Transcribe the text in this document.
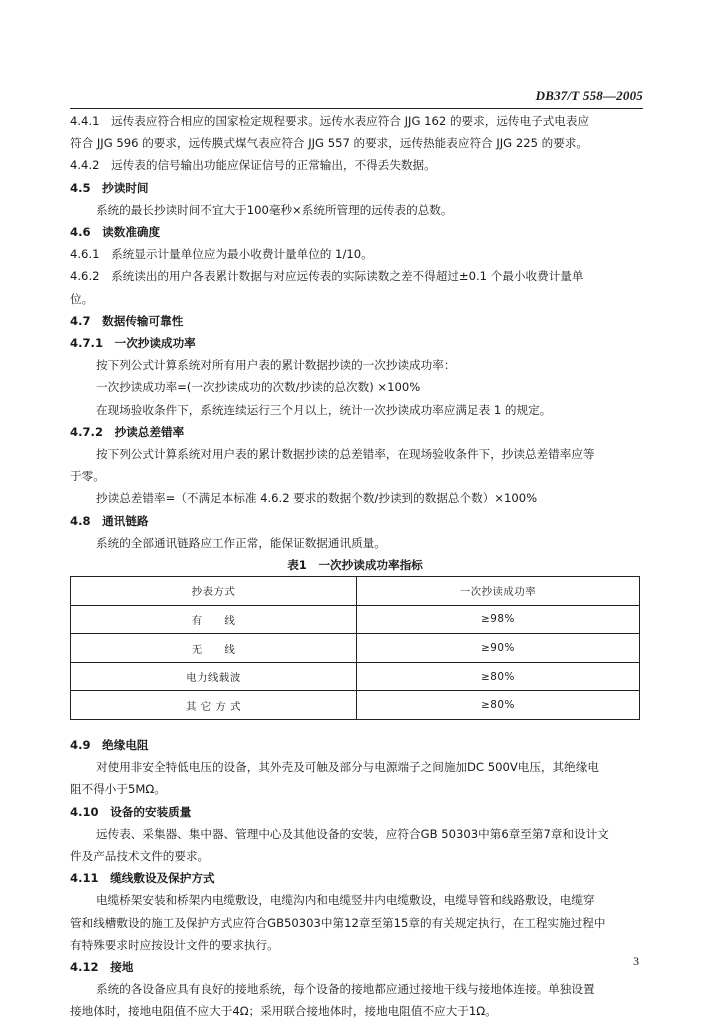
DB37/T 558—2005
4.4.1　远传表应符合相应的国家检定规程要求。远传水表应符合 JJG 162 的要求，远传电子式电表应
符合 JJG 596 的要求，远传膜式煤气表应符合 JJG 557 的要求，远传热能表应符合 JJG 225 的要求。
4.4.2　远传表的信号输出功能应保证信号的正常输出，不得丢失数据。
4.5　抄读时间
系统的最长抄读时间不宜大于100毫秒×系统所管理的远传表的总数。
4.6　读数准确度
4.6.1　系统显示计量单位应为最小收费计量单位的 1/10。
4.6.2　系统读出的用户各表累计数据与对应远传表的实际读数之差不得超过±0.1 个最小收费计量单
位。
4.7　数据传输可靠性
4.7.1　一次抄读成功率
按下列公式计算系统对所有用户表的累计数据抄读的一次抄读成功率：
一次抄读成功率=(一次抄读成功的次数/抄读的总次数) ×100%
在现场验收条件下，系统连续运行三个月以上，统计一次抄读成功率应满足表 1 的规定。
4.7.2　抄读总差错率
按下列公式计算系统对用户表的累计数据抄读的总差错率，在现场验收条件下，抄读总差错率应等
于零。
抄读总差错率=（不满足本标准 4.6.2 要求的数据个数/抄读到的数据总个数）×100%
4.8　通讯链路
系统的全部通讯链路应工作正常，能保证数据通讯质量。
表1　一次抄读成功率指标
抄表方式	一次抄读成功率
有　　线	≥98%
无　　线	≥90%
电力线载波	≥80%
其 它 方 式	≥80%
4.9　绝缘电阻
对使用非安全特低电压的设备，其外壳及可触及部分与电源端子之间施加DC 500V电压，其绝缘电
阻不得小于5MΩ。
4.10　设备的安装质量
远传表、采集器、集中器、管理中心及其他设备的安装，应符合GB 50303中第6章至第7章和设计文
件及产品技术文件的要求。
4.11　缆线敷设及保护方式
电缆桥架安装和桥架内电缆敷设，电缆沟内和电缆竖井内电缆敷设，电缆导管和线路敷设，电缆穿
管和线槽敷设的施工及保护方式应符合GB50303中第12章至第15章的有关规定执行，在工程实施过程中
有特殊要求时应按设计文件的要求执行。
4.12　接地
系统的各设备应具有良好的接地系统，每个设备的接地都应通过接地干线与接地体连接。单独设置
接地体时，接地电阻值不应大于4Ω；采用联合接地体时，接地电阻值不应大于1Ω。
3
